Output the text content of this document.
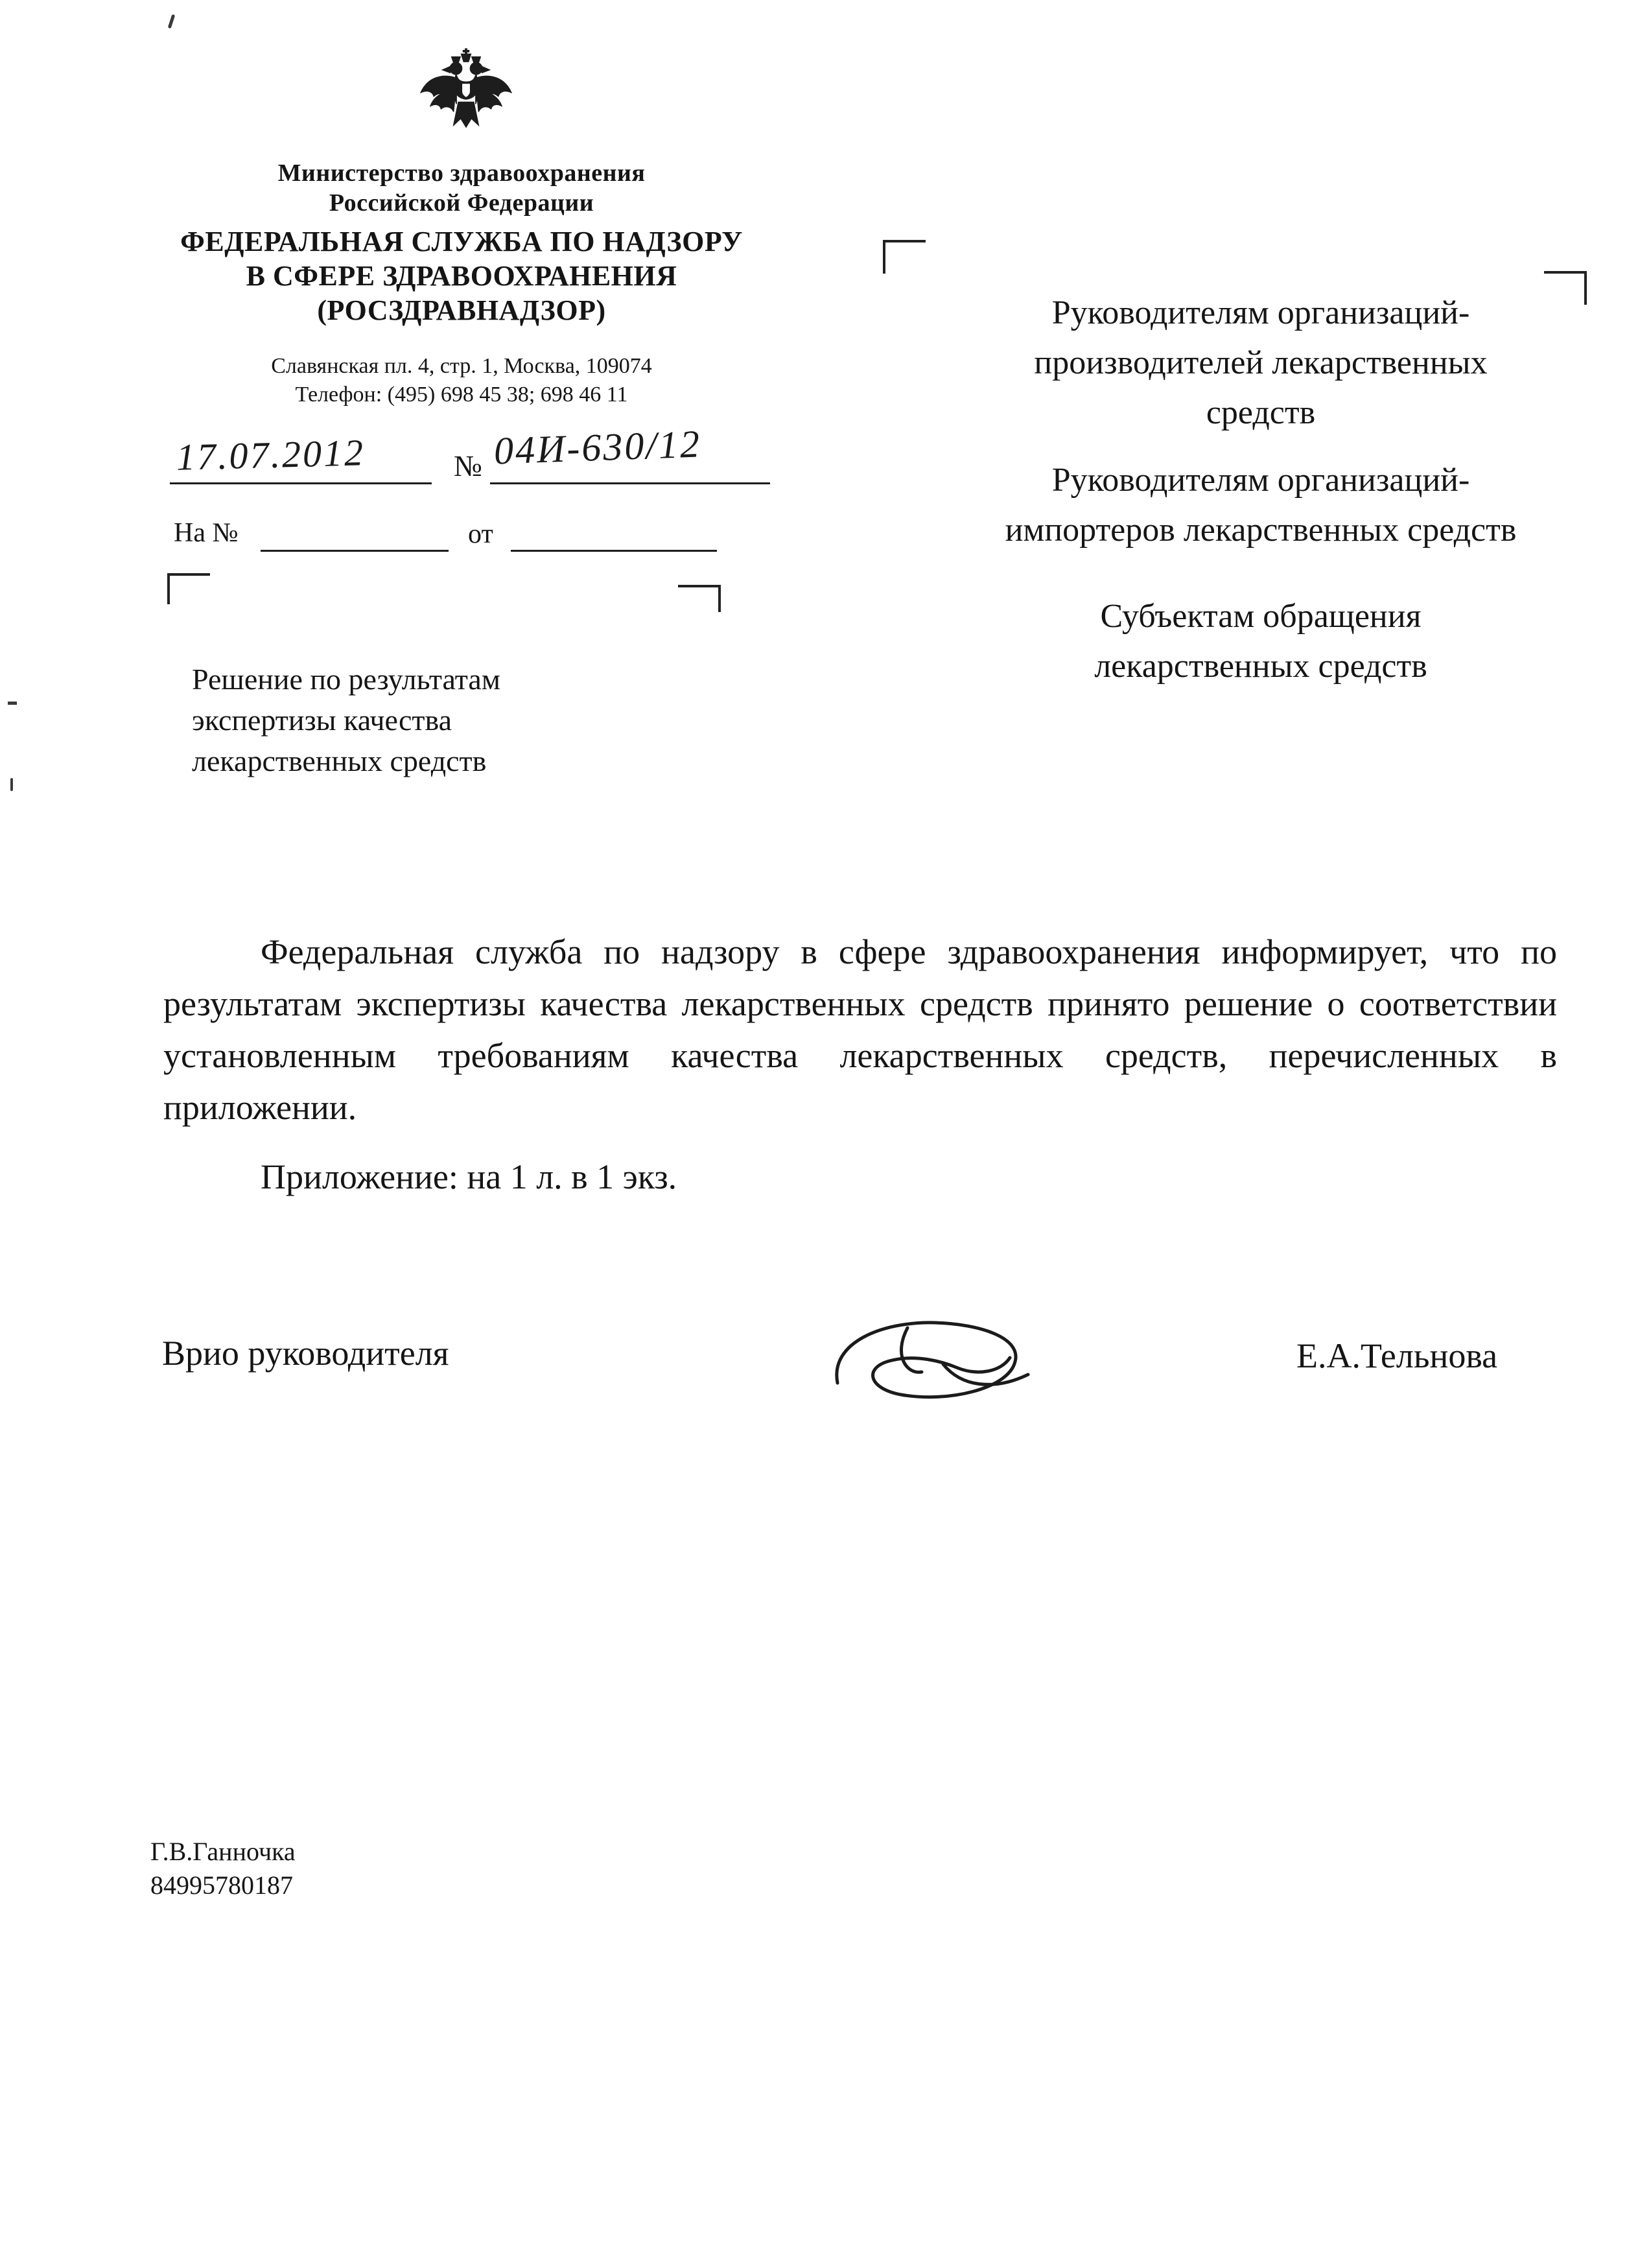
Министерство здравоохранения
Российской Федерации
ФЕДЕРАЛЬНАЯ СЛУЖБА ПО НАДЗОРУ
В СФЕРЕ ЗДРАВООХРАНЕНИЯ
(РОСЗДРАВНАДЗОР)
Славянская пл. 4, стр. 1, Москва, 109074
Телефон: (495) 698 45 38; 698 46 11
17.07.2012	№ 04И-630/12
На №	от
Решение по результатам
экспертизы качества
лекарственных средств
Руководителям организаций-
производителей лекарственных
средств
Руководителям организаций-
импортеров лекарственных средств
Субъектам обращения
лекарственных средств
Федеральная служба по надзору в сфере здравоохранения информирует, что по результатам экспертизы качества лекарственных средств принято решение о соответствии установленным требованиям качества лекарственных средств, перечисленных в приложении.
Приложение: на 1 л. в 1 экз.
Врио руководителя	Е.А.Тельнова
Г.В.Ганночка
84995780187
